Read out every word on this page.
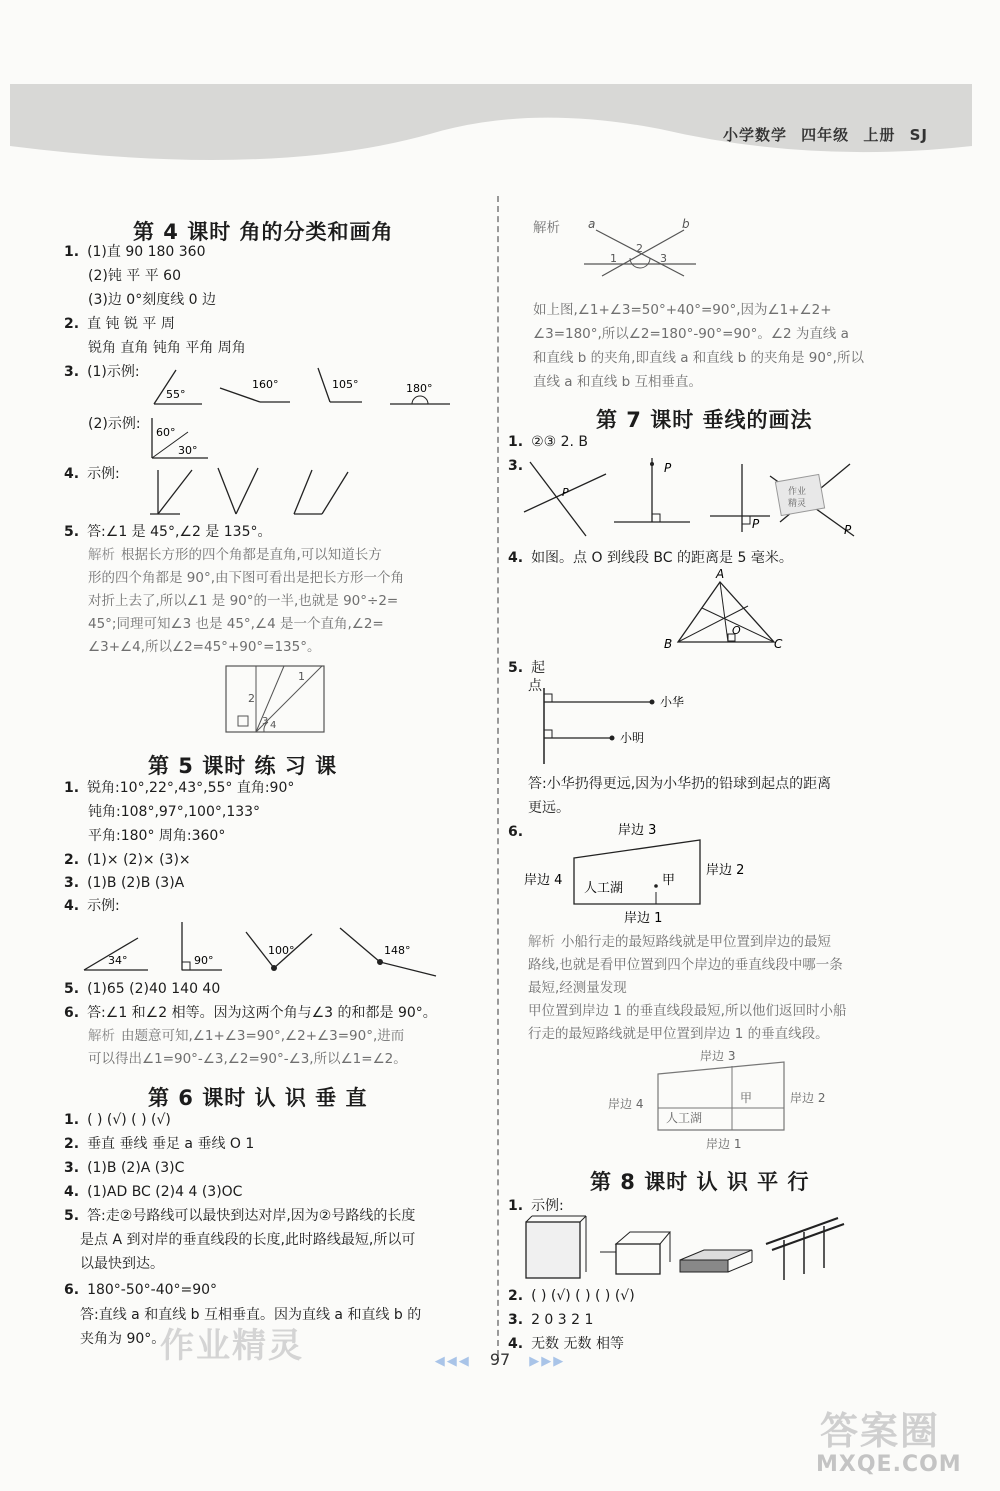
小学数学 四年级 上册 SJ
第 4 课时 角的分类和画角
1. (1)直 90 180 360
(2)钝 平 平 60
(3)边 0°刻度线 0 边
2. 直 钝 锐 平 周
锐角 直角 钝角 平角 周角
3. (1)示例:
55°
160°	105°	180°
(2)示例:
60°
30°
4. 示例:
5. 答:∠1 是 45°,∠2 是 135°。
解析 根据长方形的四个角都是直角,可以知道长方
形的四个角都是 90°,由下图可看出是把长方形一个角
对折上去了,所以∠1 是 90°的一半,也就是 90°÷2=
45°;同理可知∠3 也是 45°,∠4 是一个直角,∠2=
∠3+∠4,所以∠2=45°+90°=135°。
1
2
3 4
第 5 课时 练 习 课
1. 锐角:10°,22°,43°,55° 直角:90°
钝角:108°,97°,100°,133°
平角:180° 周角:360°
2. (1)× (2)× (3)×
3. (1)B (2)B (3)A
4. 示例:
34°	90°
100°	148°
5. (1)65 (2)40 140 40
6. 答:∠1 和∠2 相等。因为这两个角与∠3 的和都是 90°。
解析 由题意可知,∠1+∠3=90°,∠2+∠3=90°,进而
可以得出∠1=90°-∠3,∠2=90°-∠3,所以∠1=∠2。
第 6 课时 认 识 垂 直
1. ( ) (√) ( ) (√)
2. 垂直 垂线 垂足 a 垂线 O 1
3. (1)B (2)A (3)C
4. (1)AD BC (2)4 4 (3)OC
5. 答:走②号路线可以最快到达对岸,因为②号路线的长度
是点 A 到对岸的垂直线段的长度,此时路线最短,所以可
以最快到达。
6. 180°-50°-40°=90°
答:直线 a 和直线 b 互相垂直。因为直线 a 和直线 b 的
夹角为 90°。
作业精灵
解析 a	b
1
2
3
如上图,∠1+∠3=50°+40°=90°,因为∠1+∠2+
∠3=180°,所以∠2=180°-90°=90°。∠2 为直线 a
和直线 b 的夹角,即直线 a 和直线 b 的夹角是 90°,所以
直线 a 和直线 b 互相垂直。
第 7 课时 垂线的画法
1. ②③ 2. B
3.
P
P
P
作业
精灵
P
4. 如图。点 O 到线段 BC 的距离是 5 毫米。
A
B	C
O
5. 起
点
小华
小明
答:小华扔得更远,因为小华扔的铅球到起点的距离
更远。
6.	岸边 3
岸边 2
岸边 4
岸边 1
人工湖
甲
解析 小船行走的最短路线就是甲位置到岸边的最短
路线,也就是看甲位置到四个岸边的垂直线段中哪一条
最短,经测量发现
甲位置到岸边 1 的垂直线段最短,所以他们返回时小船
行走的最短路线就是甲位置到岸边 1 的垂直线段。
岸边 3
岸边 2
岸边 4
岸边 1
人工湖
甲
第 8 课时 认 识 平 行
1. 示例:
2. ( ) (√) ( ) ( ) (√)
3. 2 0 3 2 1
4. 无数 无数 相等
◀◀◀ 97 ▶▶▶
答案圈
MXQE.COM
